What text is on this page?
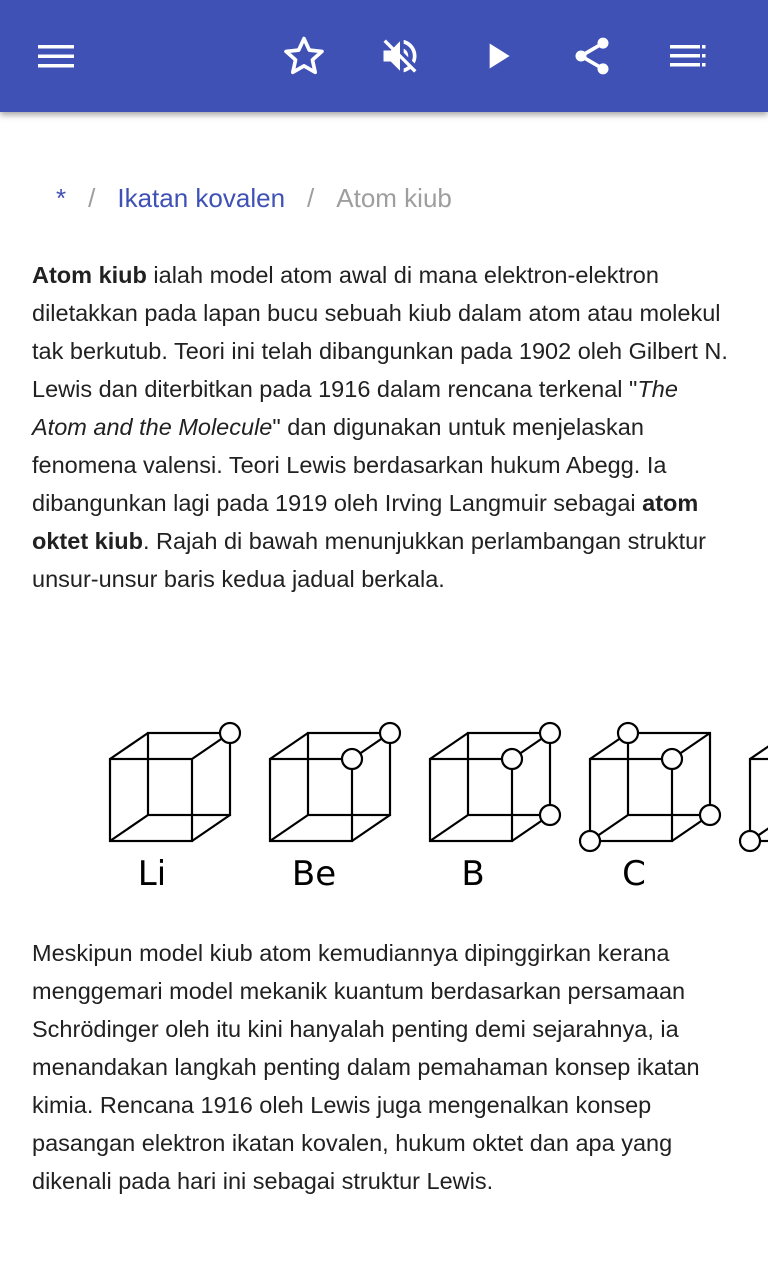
* / Ikatan kovalen / Atom kiub

Atom kiub ialah model atom awal di mana elektron-elektron diletakkan pada lapan bucu sebuah kiub dalam atom atau molekul tak berkutub. Teori ini telah dibangunkan pada 1902 oleh Gilbert N. Lewis dan diterbitkan pada 1916 dalam rencana terkenal "The Atom and the Molecule" dan digunakan untuk menjelaskan fenomena valensi. Teori Lewis berdasarkan hukum Abegg. Ia dibangunkan lagi pada 1919 oleh Irving Langmuir sebagai atom oktet kiub. Rajah di bawah menunjukkan perlambangan struktur unsur-unsur baris kedua jadual berkala.

Li	Be	B	C

Meskipun model kiub atom kemudiannya dipinggirkan kerana menggemari model mekanik kuantum berdasarkan persamaan Schrödinger oleh itu kini hanyalah penting demi sejarahnya, ia menandakan langkah penting dalam pemahaman konsep ikatan kimia. Rencana 1916 oleh Lewis juga mengenalkan konsep pasangan elektron ikatan kovalen, hukum oktet dan apa yang dikenali pada hari ini sebagai struktur Lewis.
